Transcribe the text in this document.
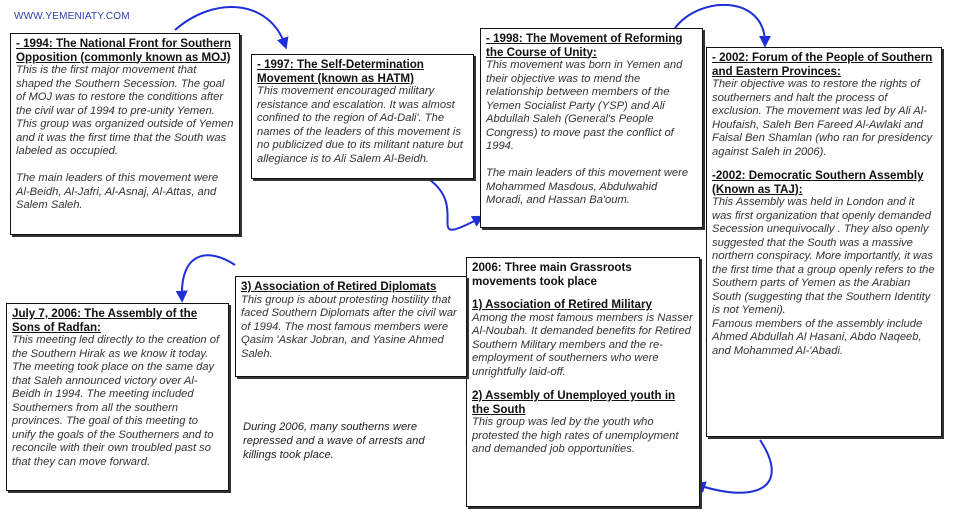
WWW.YEMENIATY.COM
- 1994: The National Front for Southern Opposition (commonly known as MOJ)
This is the first major movement that shaped the Southern Secession. The goal of MOJ was to restore the conditions after the civil war of 1994 to pre-unity Yemen. This group was organized outside of Yemen and it was the first time that the South was labeled as occupied.

The main leaders of this movement were Al-Beidh, Al-Jafri, Al-Asnaj, Al-Attas, and Salem Saleh.
- 1997: The Self-Determination Movement (known as HATM)
This movement encouraged military resistance and escalation. It was almost confined to the region of Ad-Dali'. The names of the leaders of this movement is no publicized due to its militant nature but allegiance is to Ali Salem Al-Beidh.
- 1998: The Movement of Reforming the Course of Unity:
This movement was born in Yemen and their objective was to mend the relationship between members of the Yemen Socialist Party (YSP) and Ali Abdullah Saleh (General's People Congress) to move past the conflict of 1994.

The main leaders of this movement were Mohammed Masdous, Abdulwahid Moradi, and Hassan Ba'oum.
- 2002: Forum of the People of Southern and Eastern Provinces:
Their objective was to restore the rights of southerners and halt the process of exclusion. The movement was led by Ali Al-Houfaish, Saleh Ben Fareed Al-Awlaki and Faisal Ben Shamlan (who ran for presidency against Saleh in 2006).
-2002: Democratic Southern Assembly (Known as TAJ):
This Assembly was held in London and it was first organization that openly demanded Secession unequivocally . They also openly suggested that the South was a massive northern conspiracy. More importantly, it was the first time that a group openly refers to the Southern parts of Yemen as the Arabian South (suggesting that the Southern Identity is not Yemeni).
Famous members of the assembly include Ahmed Abdullah Al Hasani, Abdo Naqeeb, and Mohammed Al-'Abadi.
2006: Three main Grassroots movements took place
1) Association of Retired Military
Among the most famous members is Nasser Al-Noubah. It demanded benefits for Retired Southern Military members and the re-employment of southerners who were unrightfully laid-off.
2) Assembly of Unemployed youth in the South
This group was led by the youth who protested the high rates of unemployment and demanded job opportunities.
3) Association of Retired Diplomats
This group is about protesting hostility that faced Southern Diplomats after the civil war of 1994. The most famous members were Qasim 'Askar Jobran, and Yasine Ahmed Saleh.
July 7, 2006: The Assembly of the Sons of Radfan:
This meeting led directly to the creation of the Southern Hirak as we know it today. The meeting took place on the same day that Saleh announced victory over Al-Beidh in 1994. The meeting included Southerners from all the southern provinces. The goal of this meeting to unify the goals of the Southerners and to reconcile with their own troubled past so that they can move forward.
During 2006, many southerns were repressed and a wave of arrests and killings took place.
